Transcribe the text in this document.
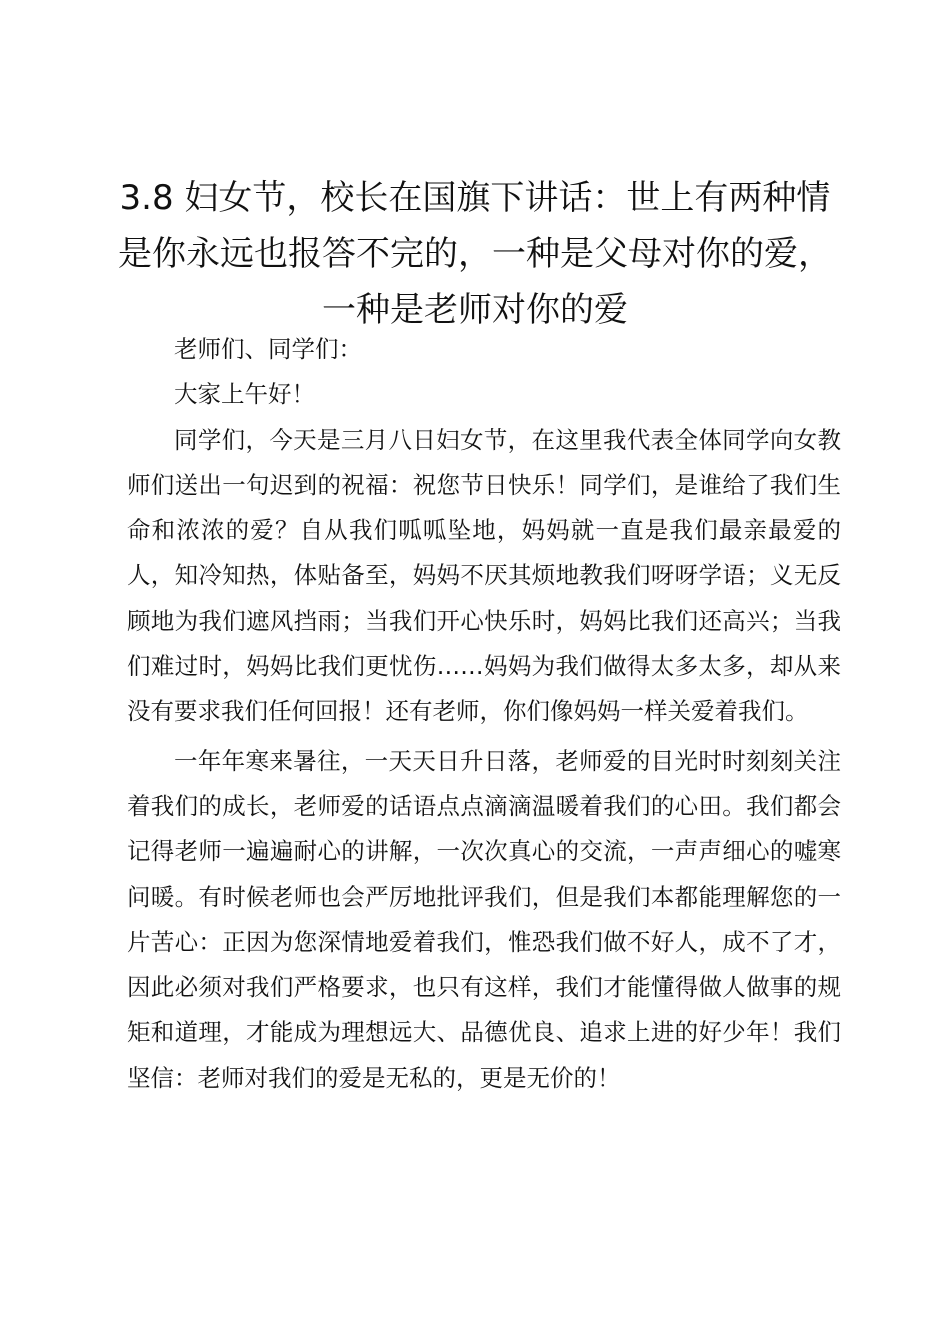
3.8 妇女节，校长在国旗下讲话：世上有两种情是你永远也报答不完的，一种是父母对你的爱，一种是老师对你的爱

老师们、同学们：

大家上午好！

同学们，今天是三月八日妇女节，在这里我代表全体同学向女教师们送出一句迟到的祝福：祝您节日快乐！同学们，是谁给了我们生命和浓浓的爱？自从我们呱呱坠地，妈妈就一直是我们最亲最爱的人，知冷知热，体贴备至，妈妈不厌其烦地教我们呀呀学语；义无反顾地为我们遮风挡雨；当我们开心快乐时，妈妈比我们还高兴；当我们难过时，妈妈比我们更忧伤……妈妈为我们做得太多太多，却从来没有要求我们任何回报！还有老师，你们像妈妈一样关爱着我们。

一年年寒来暑往，一天天日升日落，老师爱的目光时时刻刻关注着我们的成长，老师爱的话语点点滴滴温暖着我们的心田。我们都会记得老师一遍遍耐心的讲解，一次次真心的交流，一声声细心的嘘寒问暖。有时候老师也会严厉地批评我们，但是我们本都能理解您的一片苦心：正因为您深情地爱着我们，惟恐我们做不好人，成不了才，因此必须对我们严格要求，也只有这样，我们才能懂得做人做事的规矩和道理，才能成为理想远大、品德优良、追求上进的好少年！我们坚信：老师对我们的爱是无私的，更是无价的！
